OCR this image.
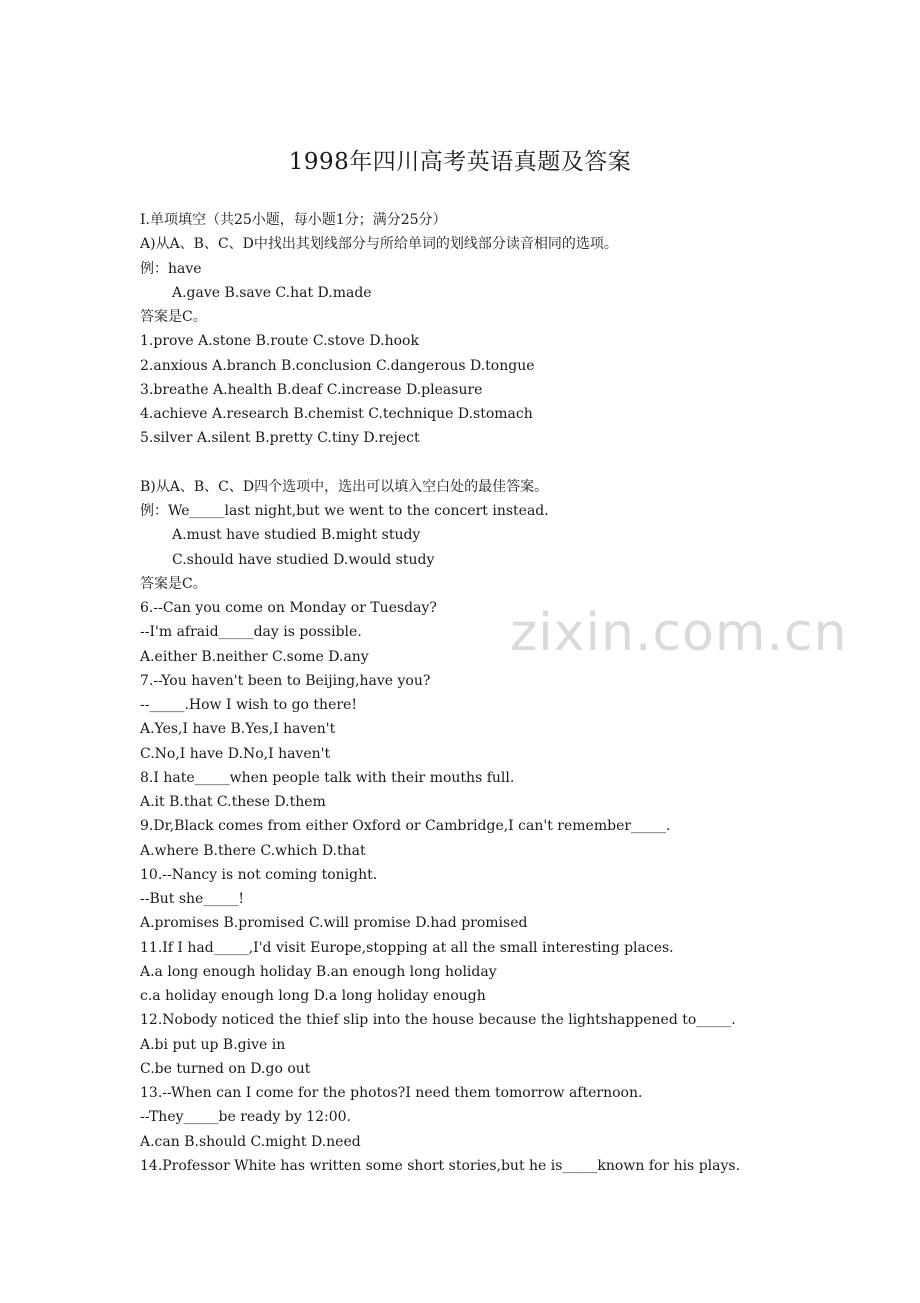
1998年四川高考英语真题及答案
Ⅰ.单项填空（共25小题，每小题1分；满分25分）
A)从A、B、C、D中找出其划线部分与所给单词的划线部分读音相同的选项。
例：have
A.gave B.save C.hat D.made
答案是C。
1.prove A.stone B.route C.stove D.hook
2.anxious A.branch B.conclusion C.dangerous D.tongue
3.breathe A.health B.deaf C.increase D.pleasure
4.achieve A.research B.chemist C.technique D.stomach
5.silver A.silent B.pretty C.tiny D.reject
B)从A、B、C、D四个选项中，选出可以填入空白处的最佳答案。
例：We_____last night,but we went to the concert instead.
A.must have studied B.might study
C.should have studied D.would study
答案是C。
6.--Can you come on Monday or Tuesday?
--I'm afraid_____day is possible.
A.either B.neither C.some D.any
7.--You haven't been to Beijing,have you?
--_____.How I wish to go there!
A.Yes,I have B.Yes,I haven't
C.No,I have D.No,I haven't
8.I hate_____when people talk with their mouths full.
A.it B.that C.these D.them
9.Dr,Black comes from either Oxford or Cambridge,I can't remember_____.
A.where B.there C.which D.that
10.--Nancy is not coming tonight.
--But she_____!
A.promises B.promised C.will promise D.had promised
11.If I had_____,I'd visit Europe,stopping at all the small interesting places.
A.a long enough holiday B.an enough long holiday
c.a holiday enough long D.a long holiday enough
12.Nobody noticed the thief slip into the house because the lightshappened to_____.
A.bi put up B.give in
C.be turned on D.go out
13.--When can I come for the photos?I need them tomorrow afternoon.
--They_____be ready by 12:00.
A.can B.should C.might D.need
14.Professor White has written some short stories,but he is_____known for his plays.
zixin.com.cn
